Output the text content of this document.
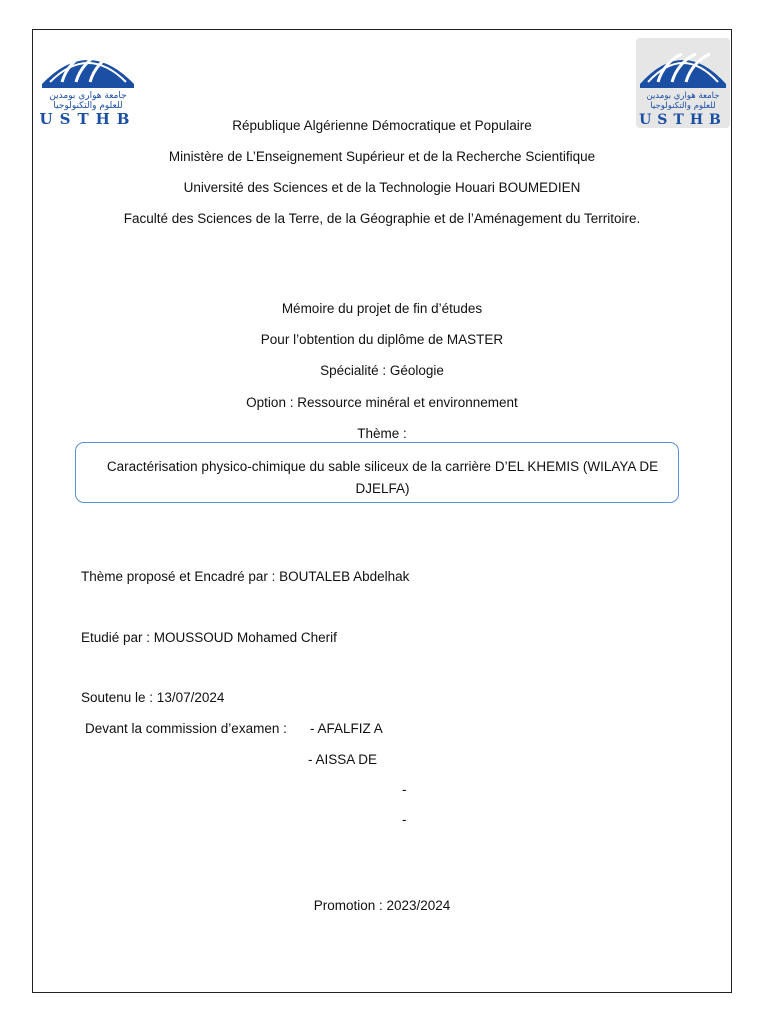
جامعة هواري بومدين
للعلوم والتكنولوجيا
USTHB
جامعة هواري بومدين
للعلوم والتكنولوجيا
USTHB
République Algérienne Démocratique et Populaire
Ministère de L’Enseignement Supérieur et de la Recherche Scientifique
Université des Sciences et de la Technologie Houari BOUMEDIEN
Faculté des Sciences de la Terre, de la Géographie et de l’Aménagement du Territoire.
Mémoire du projet de fin d’études
Pour l’obtention du diplôme de MASTER
Spécialité : Géologie
Option : Ressource minéral et environnement
Thème :
Caractérisation physico-chimique du sable siliceux de la carrière D’EL KHEMIS (WILAYA DE DJELFA)
Thème proposé et Encadré par : BOUTALEB Abdelhak
Etudié par : MOUSSOUD Mohamed Cherif
Soutenu le : 13/07/2024
Devant la commission d’examen : - AFALFIZ A
- AISSA DE
-
-
Promotion : 2023/2024
